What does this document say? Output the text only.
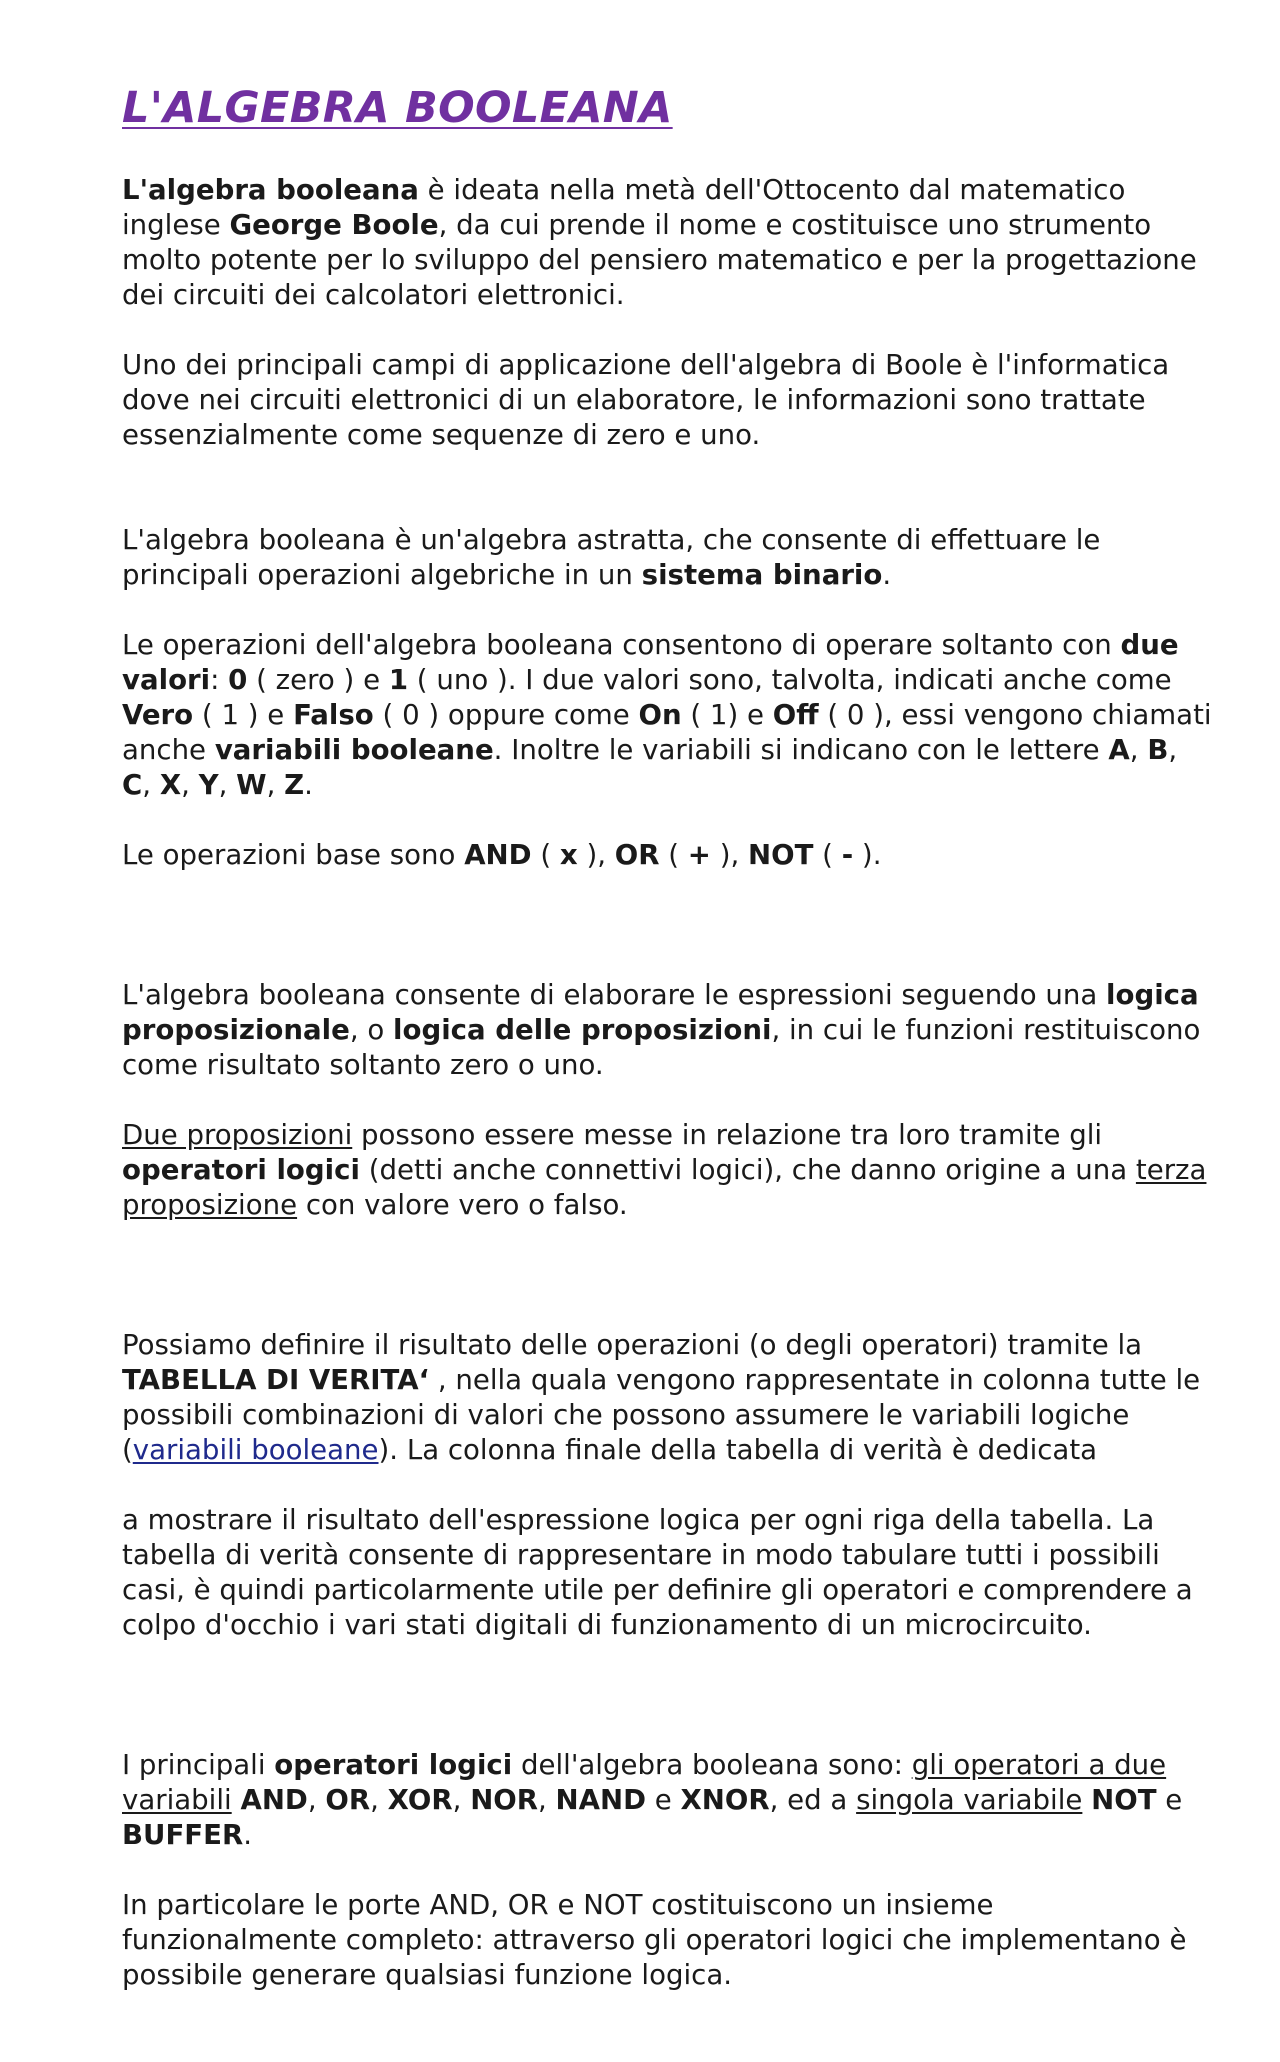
L'ALGEBRA BOOLEANA

L'algebra booleana è ideata nella metà dell'Ottocento dal matematico inglese George Boole, da cui prende il nome e costituisce uno strumento molto potente per lo sviluppo del pensiero matematico e per la progettazione dei circuiti dei calcolatori elettronici.

Uno dei principali campi di applicazione dell'algebra di Boole è l'informatica dove nei circuiti elettronici di un elaboratore, le informazioni sono trattate essenzialmente come sequenze di zero e uno.

L'algebra booleana è un'algebra astratta, che consente di effettuare le principali operazioni algebriche in un sistema binario.

Le operazioni dell'algebra booleana consentono di operare soltanto con due valori: 0 ( zero ) e 1 ( uno ). I due valori sono, talvolta, indicati anche come Vero ( 1 ) e Falso ( 0 ) oppure come On ( 1) e Off ( 0 ), essi vengono chiamati anche variabili booleane. Inoltre le variabili si indicano con le lettere A, B, C, X, Y, W, Z.

Le operazioni base sono AND ( x ), OR ( + ), NOT ( - ).

L'algebra booleana consente di elaborare le espressioni seguendo una logica proposizionale, o logica delle proposizioni, in cui le funzioni restituiscono come risultato soltanto zero o uno.

Due proposizioni possono essere messe in relazione tra loro tramite gli operatori logici (detti anche connettivi logici), che danno origine a una terza proposizione con valore vero o falso.

Possiamo definire il risultato delle operazioni (o degli operatori) tramite la TABELLA DI VERITA‘ , nella quala vengono rappresentate in colonna tutte le possibili combinazioni di valori che possono assumere le variabili logiche (variabili booleane). La colonna finale della tabella di verità è dedicata

a mostrare il risultato dell'espressione logica per ogni riga della tabella. La tabella di verità consente di rappresentare in modo tabulare tutti i possibili casi, è quindi particolarmente utile per definire gli operatori e comprendere a colpo d'occhio i vari stati digitali di funzionamento di un microcircuito.

I principali operatori logici dell'algebra booleana sono: gli operatori a due variabili AND, OR, XOR, NOR, NAND e XNOR, ed a singola variabile NOT e BUFFER.

In particolare le porte AND, OR e NOT costituiscono un insieme funzionalmente completo: attraverso gli operatori logici che implementano è possibile generare qualsiasi funzione logica.
